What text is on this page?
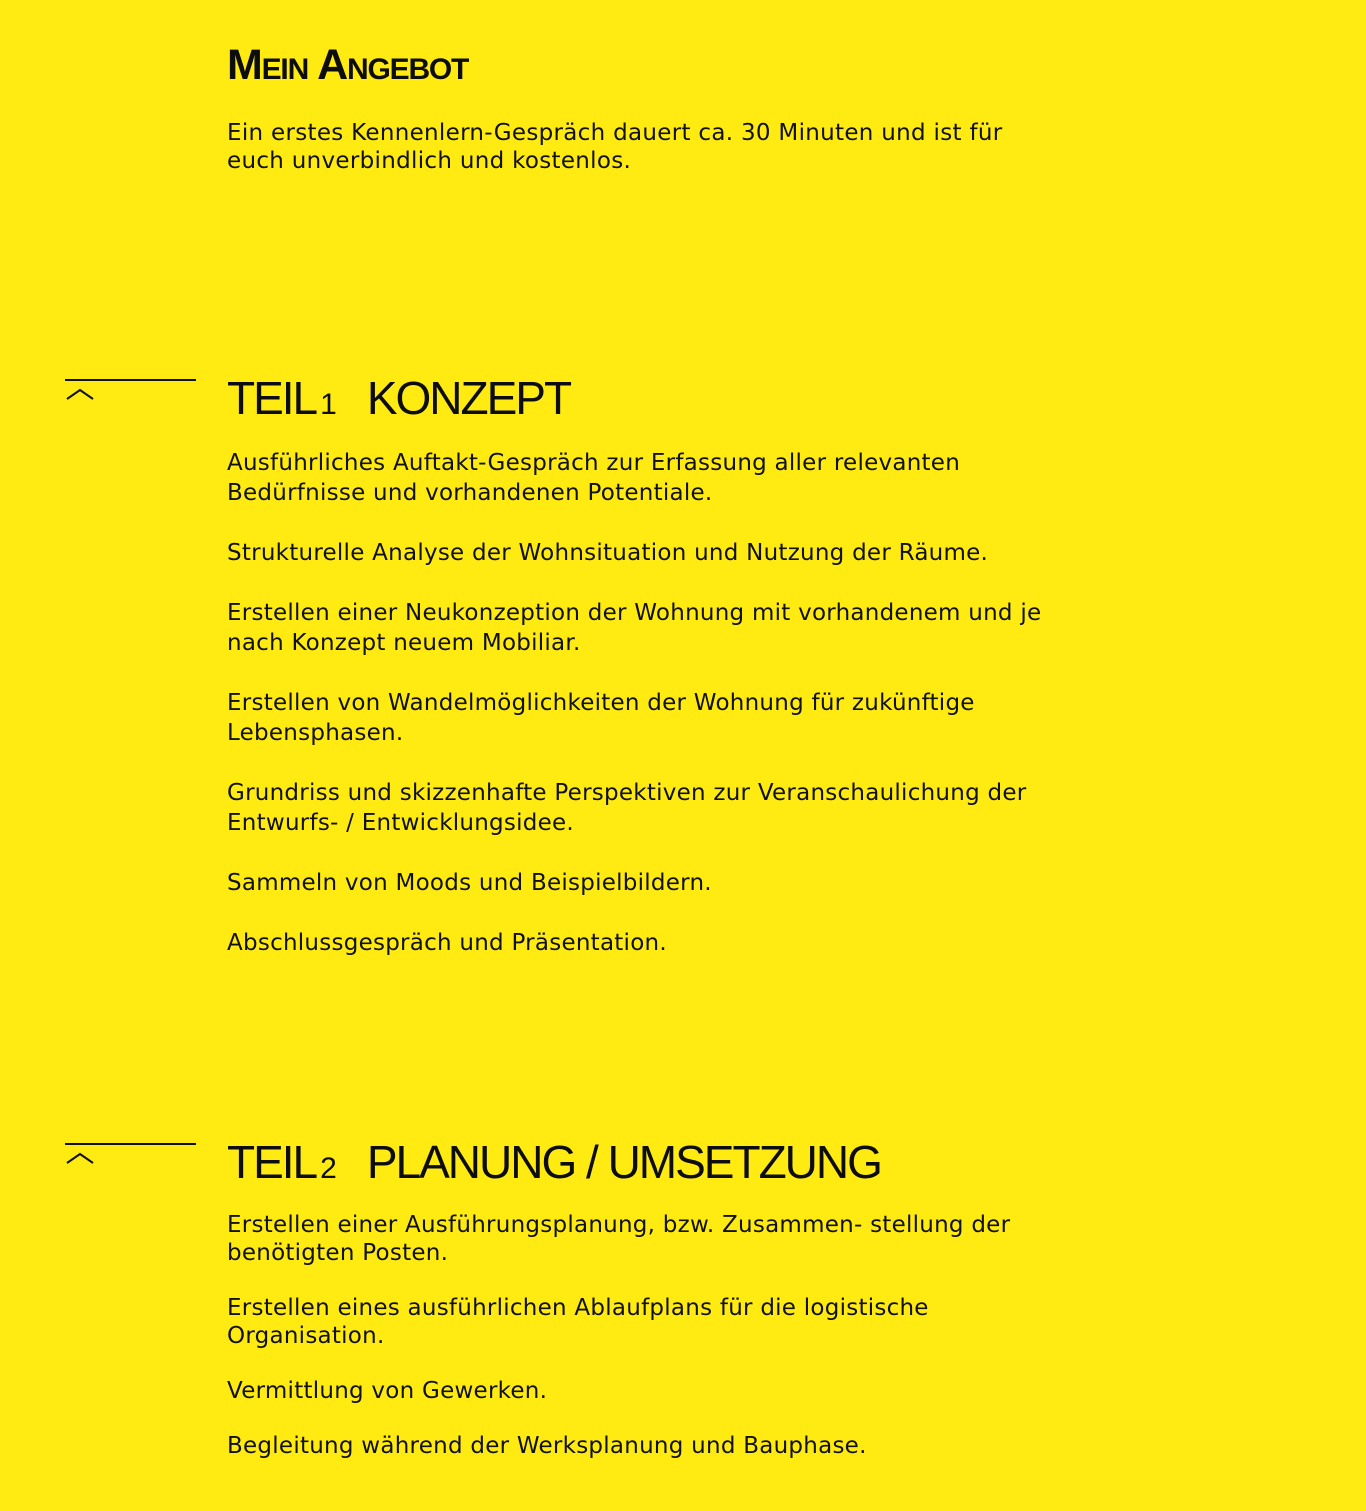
Mein Angebot
Ein erstes Kennenlern-Gespräch dauert ca. 30 Minuten und ist für euch unverbindlich und kostenlos.
TEIL 1 KONZEPT
Ausführliches Auftakt-Gespräch zur Erfassung aller relevanten Bedürfnisse und vorhandenen Potentiale.
Strukturelle Analyse der Wohnsituation und Nutzung der Räume.
Erstellen einer Neukonzeption der Wohnung mit vorhandenem und je nach Konzept neuem Mobiliar.
Erstellen von Wandelmöglichkeiten der Wohnung für zukünftige Lebensphasen.
Grundriss und skizzenhafte Perspektiven zur Veranschaulichung der Entwurfs- / Entwicklungsidee.
Sammeln von Moods und Beispielbildern.
Abschlussgespräch und Präsentation.
TEIL 2 PLANUNG / UMSETZUNG
Erstellen einer Ausführungsplanung, bzw. Zusammen- stellung der benötigten Posten.
Erstellen eines ausführlichen Ablaufplans für die logistische Organisation.
Vermittlung von Gewerken.
Begleitung während der Werksplanung und Bauphase.
